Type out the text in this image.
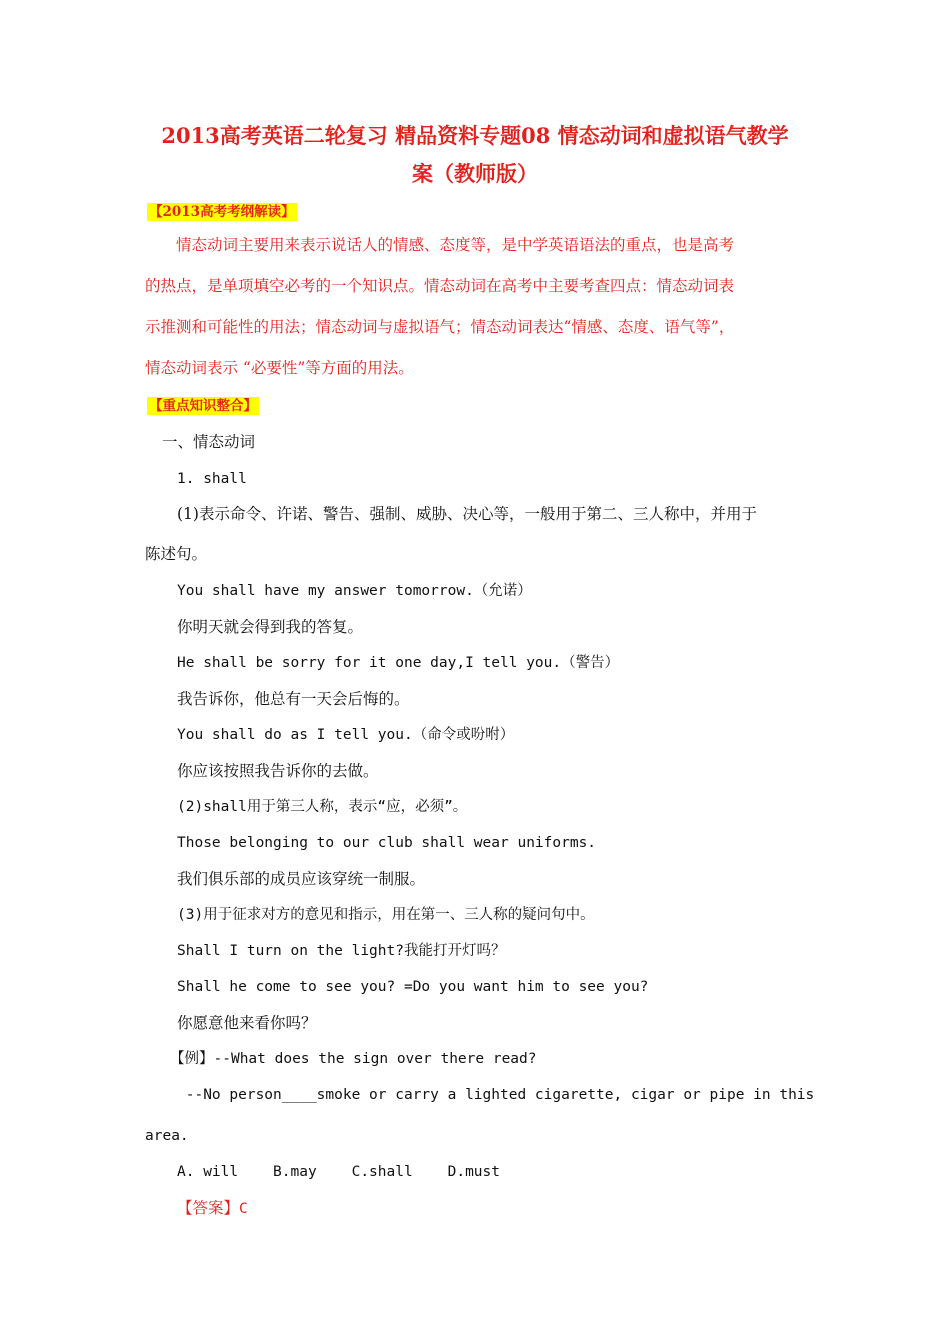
2013高考英语二轮复习 精品资料专题08 情态动词和虚拟语气教学
案（教师版）
【2013高考考纲解读】
情态动词主要用来表示说话人的情感、态度等，是中学英语语法的重点，也是高考
的热点，是单项填空必考的一个知识点。情态动词在高考中主要考查四点：情态动词表
示推测和可能性的用法；情态动词与虚拟语气；情态动词表达“情感、态度、语气等”，
情态动词表示 “必要性”等方面的用法。
【重点知识整合】
一、情态动词
1. shall
(1)表示命令、许诺、警告、强制、威胁、决心等，一般用于第二、三人称中，并用于
陈述句。
You shall have my answer tomorrow.（允诺）
你明天就会得到我的答复。
He shall be sorry for it one day,I tell you.（警告）
我告诉你，他总有一天会后悔的。
You shall do as I tell you.（命令或吩咐）
你应该按照我告诉你的去做。
(2)shall用于第三人称，表示“应，必须”。
Those belonging to our club shall wear uniforms.
我们俱乐部的成员应该穿统一制服。
(3)用于征求对方的意见和指示，用在第一、三人称的疑问句中。
Shall I turn on the light?我能打开灯吗？
Shall he come to see you? =Do you want him to see you?
你愿意他来看你吗？
【例】--What does the sign over there read?
--No person____smoke or carry a lighted cigarette, cigar or pipe in this
area.
A. will    B.may    C.shall    D.must
【答案】C
